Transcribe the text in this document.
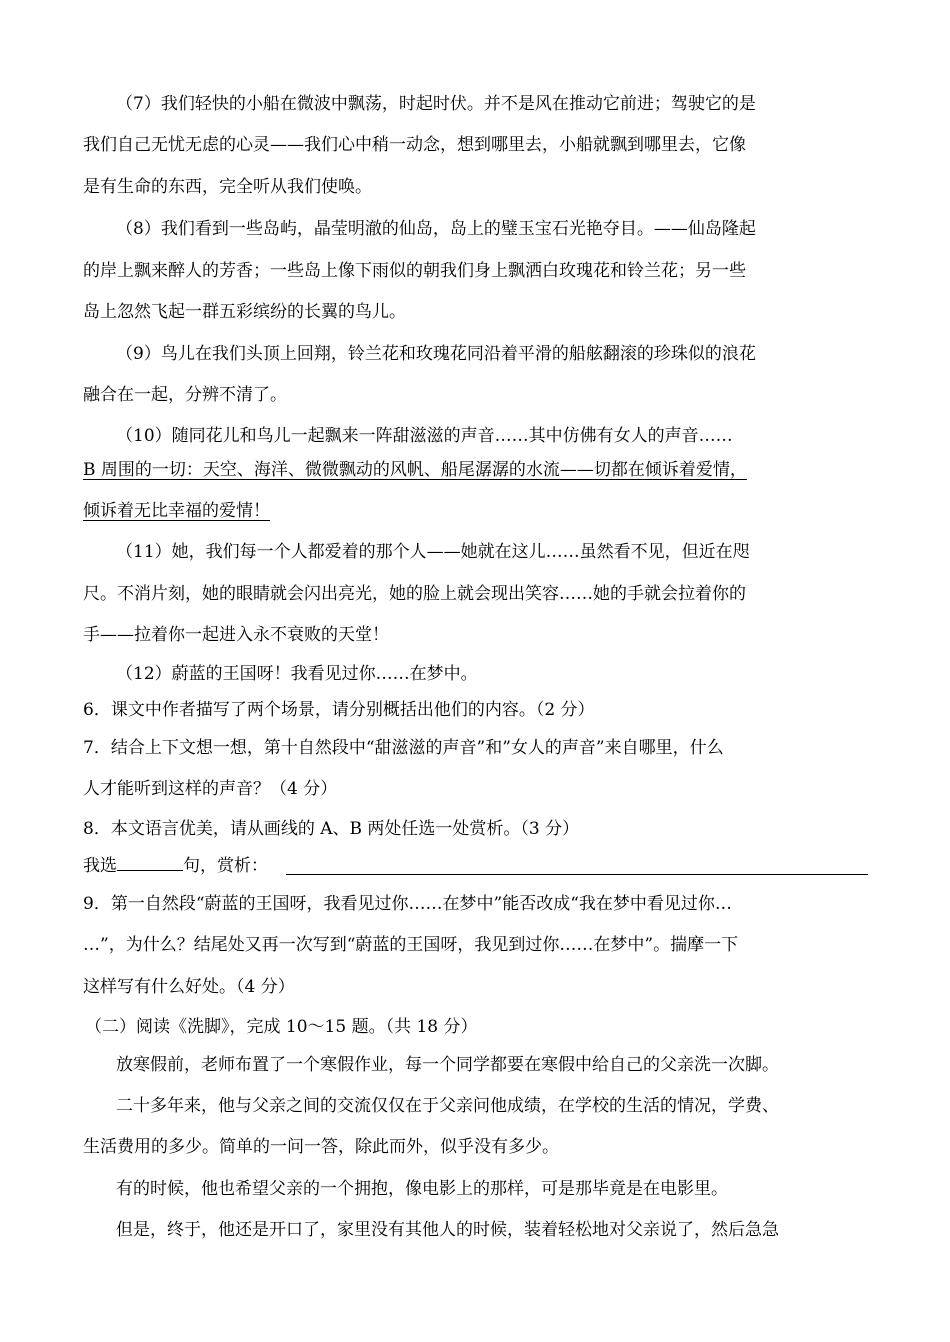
（7）我们轻快的小船在微波中飘荡，时起时伏。并不是风在推动它前进；驾驶它的是
我们自己无忧无虑的心灵——我们心中稍一动念，想到哪里去，小船就飘到哪里去，它像
是有生命的东西，完全听从我们使唤。
（8）我们看到一些岛屿，晶莹明澈的仙岛，岛上的璧玉宝石光艳夺目。——仙岛隆起
的岸上飘来醉人的芳香；一些岛上像下雨似的朝我们身上飘洒白玫瑰花和铃兰花；另一些
岛上忽然飞起一群五彩缤纷的长翼的鸟儿。
（9）鸟儿在我们头顶上回翔，铃兰花和玫瑰花同沿着平滑的船舷翻滚的珍珠似的浪花
融合在一起，分辨不清了。
（10）随同花儿和鸟儿一起飘来一阵甜滋滋的声音……其中仿佛有女人的声音……
B 周围的一切：天空、海洋、微微飘动的风帆、船尾潺潺的水流——切都在倾诉着爱情，
倾诉着无比幸福的爱情！
（11）她，我们每一个人都爱着的那个人——她就在这儿……虽然看不见，但近在咫
尺。不消片刻，她的眼睛就会闪出亮光，她的脸上就会现出笑容……她的手就会拉着你的
手——拉着你一起进入永不衰败的天堂！
（12）蔚蓝的王国呀！我看见过你……在梦中。
6．课文中作者描写了两个场景，请分别概括出他们的内容。（2 分）
7．结合上下文想一想，第十自然段中“甜滋滋的声音”和”女人的声音”来自哪里，什么
人才能听到这样的声音？（4 分）
8．本文语言优美，请从画线的 A、B 两处任选一处赏析。（3 分）
我选	句，赏析：
9．第一自然段“蔚蓝的王国呀，我看见过你……在梦中”能否改成“我在梦中看见过你…
…”，为什么？结尾处又再一次写到“蔚蓝的王国呀，我见到过你……在梦中”。揣摩一下
这样写有什么好处。（4 分）
（二）阅读《洗脚》，完成 10～15 题。（共 18 分）
放寒假前，老师布置了一个寒假作业，每一个同学都要在寒假中给自己的父亲洗一次脚。
二十多年来，他与父亲之间的交流仅仅在于父亲问他成绩，在学校的生活的情况，学费、
生活费用的多少。简单的一问一答，除此而外，似乎没有多少。
有的时候，他也希望父亲的一个拥抱，像电影上的那样，可是那毕竟是在电影里。
但是，终于，他还是开口了，家里没有其他人的时候，装着轻松地对父亲说了，然后急急
